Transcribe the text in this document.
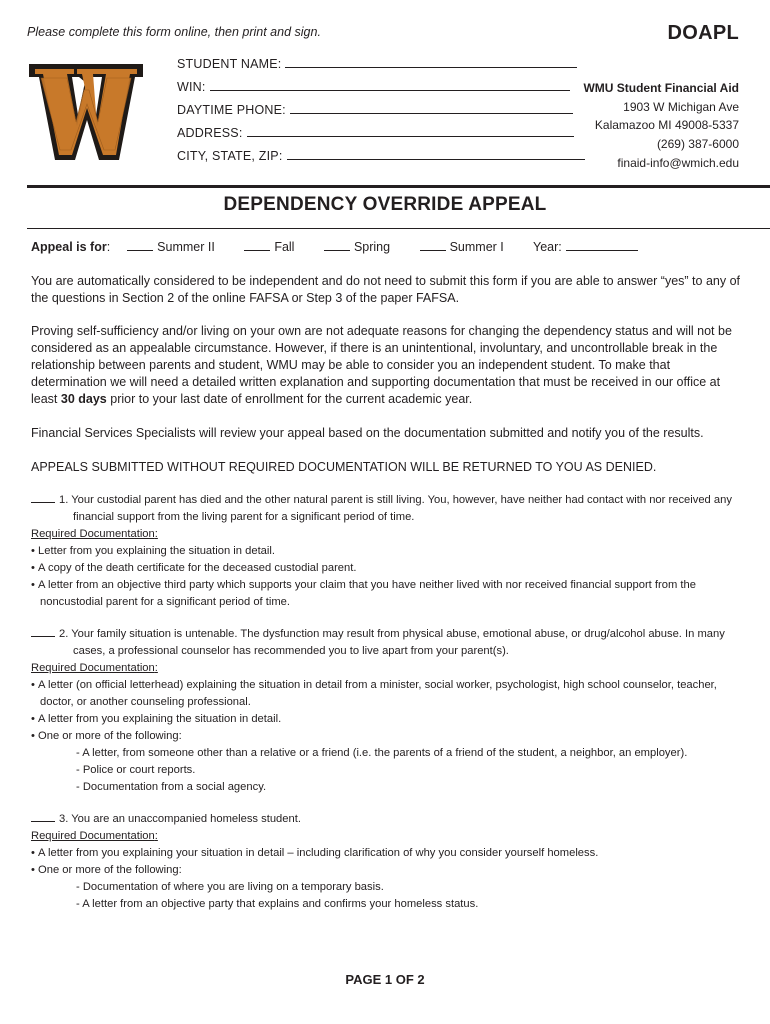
Please complete this form online, then print and sign.	DOAPL
STUDENT NAME:
WIN:
DAYTIME PHONE:
ADDRESS:
CITY, STATE, ZIP:
WMU Student Financial Aid
1903 W Michigan Ave
Kalamazoo MI 49008-5337
(269) 387-6000
finaid-info@wmich.edu
DEPENDENCY OVERRIDE APPEAL
Appeal is for:	Summer II	Fall	Spring	Summer I Year:
You are automatically considered to be independent and do not need to submit this form if you are able to answer “yes” to any of the questions in Section 2 of the online FAFSA or Step 3 of the paper FAFSA.
Proving self-sufficiency and/or living on your own are not adequate reasons for changing the dependency status and will not be considered as an appealable circumstance. However, if there is an unintentional, involuntary, and uncontrollable break in the relationship between parents and student, WMU may be able to consider you an independent student. To make that determination we will need a detailed written explanation and supporting documentation that must be received in our office at least 30 days prior to your last date of enrollment for the current academic year.
Financial Services Specialists will review your appeal based on the documentation submitted and notify you of the results.
APPEALS SUBMITTED WITHOUT REQUIRED DOCUMENTATION WILL BE RETURNED TO YOU AS DENIED.
1. Your custodial parent has died and the other natural parent is still living. You, however, have neither had contact with nor received any financial support from the living parent for a significant period of time.
Required Documentation:
• Letter from you explaining the situation in detail.
• A copy of the death certificate for the deceased custodial parent.
• A letter from an objective third party which supports your claim that you have neither lived with nor received financial support from the noncustodial parent for a significant period of time.
2. Your family situation is untenable. The dysfunction may result from physical abuse, emotional abuse, or drug/alcohol abuse. In many cases, a professional counselor has recommended you to live apart from your parent(s).
Required Documentation:
• A letter (on official letterhead) explaining the situation in detail from a minister, social worker, psychologist, high school counselor, teacher, doctor, or another counseling professional.
• A letter from you explaining the situation in detail.
• One or more of the following:
- A letter, from someone other than a relative or a friend (i.e. the parents of a friend of the student, a neighbor, an employer).
- Police or court reports.
- Documentation from a social agency.
3. You are an unaccompanied homeless student.
Required Documentation:
• A letter from you explaining your situation in detail – including clarification of why you consider yourself homeless.
• One or more of the following:
- Documentation of where you are living on a temporary basis.
- A letter from an objective party that explains and confirms your homeless status.
PAGE 1 OF 2
